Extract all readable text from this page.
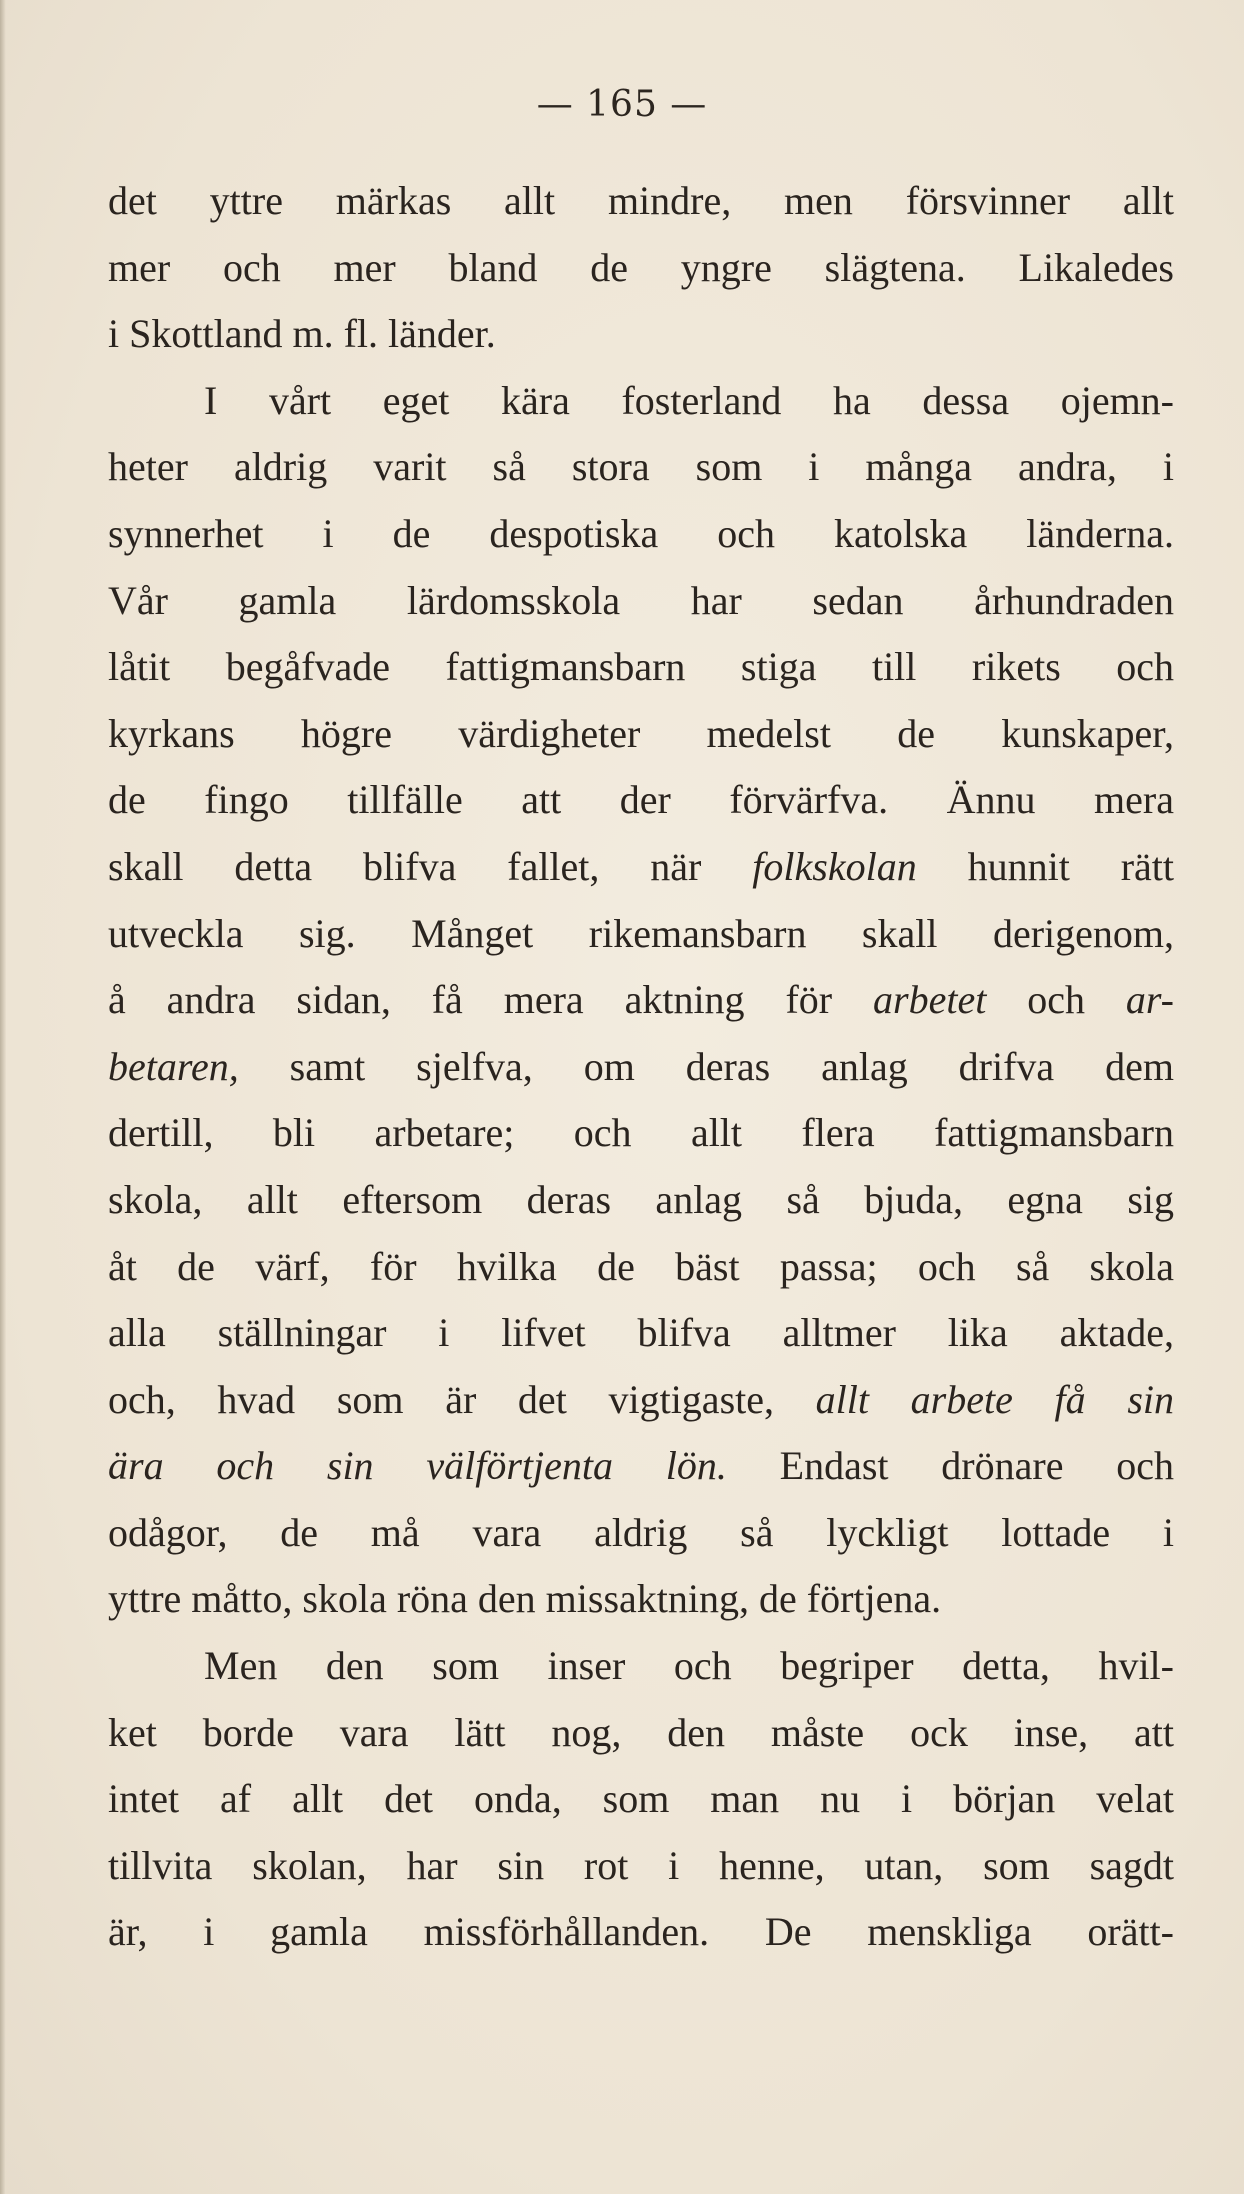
— 165 —
det yttre märkas allt mindre, men försvinner allt
mer och mer bland de yngre slägtena. Likaledes
i Skottland m. fl. länder.
I vårt eget kära fosterland ha dessa ojemn-
heter aldrig varit så stora som i många andra, i
synnerhet i de despotiska och katolska länderna.
Vår gamla lärdomsskola har sedan århundraden
låtit begåfvade fattigmansbarn stiga till rikets och
kyrkans högre värdigheter medelst de kunskaper,
de fingo tillfälle att der förvärfva. Ännu mera
skall detta blifva fallet, när folkskolan hunnit rätt
utveckla sig. Månget rikemansbarn skall derigenom,
å andra sidan, få mera aktning för arbetet och ar-
betaren, samt sjelfva, om deras anlag drifva dem
dertill, bli arbetare; och allt flera fattigmansbarn
skola, allt eftersom deras anlag så bjuda, egna sig
åt de värf, för hvilka de bäst passa; och så skola
alla ställningar i lifvet blifva alltmer lika aktade,
och, hvad som är det vigtigaste, allt arbete få sin
ära och sin välförtjenta lön. Endast drönare och
odågor, de må vara aldrig så lyckligt lottade i
yttre måtto, skola röna den missaktning, de förtjena.
Men den som inser och begriper detta, hvil-
ket borde vara lätt nog, den måste ock inse, att
intet af allt det onda, som man nu i början velat
tillvita skolan, har sin rot i henne, utan, som sagdt
är, i gamla missförhållanden. De menskliga orätt-
